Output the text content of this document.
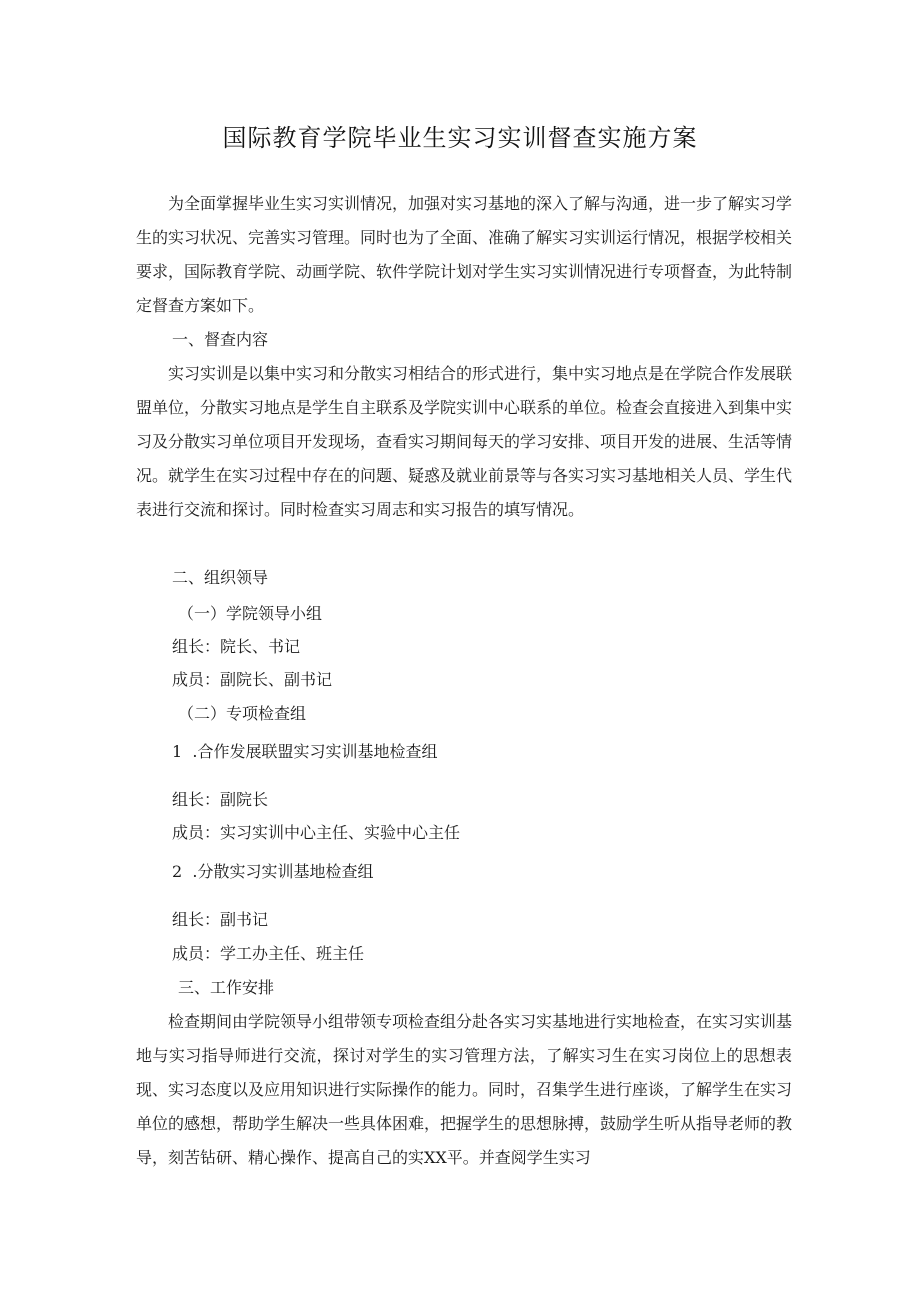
国际教育学院毕业生实习实训督查实施方案

为全面掌握毕业生实习实训情况，加强对实习基地的深入了解与沟通，进一步了解实习学生的实习状况、完善实习管理。同时也为了全面、准确了解实习实训运行情况，根据学校相关要求，国际教育学院、动画学院、软件学院计划对学生实习实训情况进行专项督查，为此特制定督查方案如下。

一、督查内容

实习实训是以集中实习和分散实习相结合的形式进行，集中实习地点是在学院合作发展联盟单位，分散实习地点是学生自主联系及学院实训中心联系的单位。检查会直接进入到集中实习及分散实习单位项目开发现场，查看实习期间每天的学习安排、项目开发的进展、生活等情况。就学生在实习过程中存在的问题、疑惑及就业前景等与各实习实习基地相关人员、学生代表进行交流和探讨。同时检查实习周志和实习报告的填写情况。

二、组织领导

（一）学院领导小组

组长：院长、书记

成员：副院长、副书记

（二）专项检查组

1  .合作发展联盟实习实训基地检查组

组长：副院长

成员：实习实训中心主任、实验中心主任

2  .分散实习实训基地检查组

组长：副书记

成员：学工办主任、班主任

三、工作安排

检查期间由学院领导小组带领专项检查组分赴各实习实基地进行实地检查，在实习实训基地与实习指导师进行交流，探讨对学生的实习管理方法，了解实习生在实习岗位上的思想表现、实习态度以及应用知识进行实际操作的能力。同时，召集学生进行座谈，了解学生在实习单位的感想，帮助学生解决一些具体困难，把握学生的思想脉搏，鼓励学生听从指导老师的教导，刻苦钻研、精心操作、提高自己的实XX平。并查阅学生实习
